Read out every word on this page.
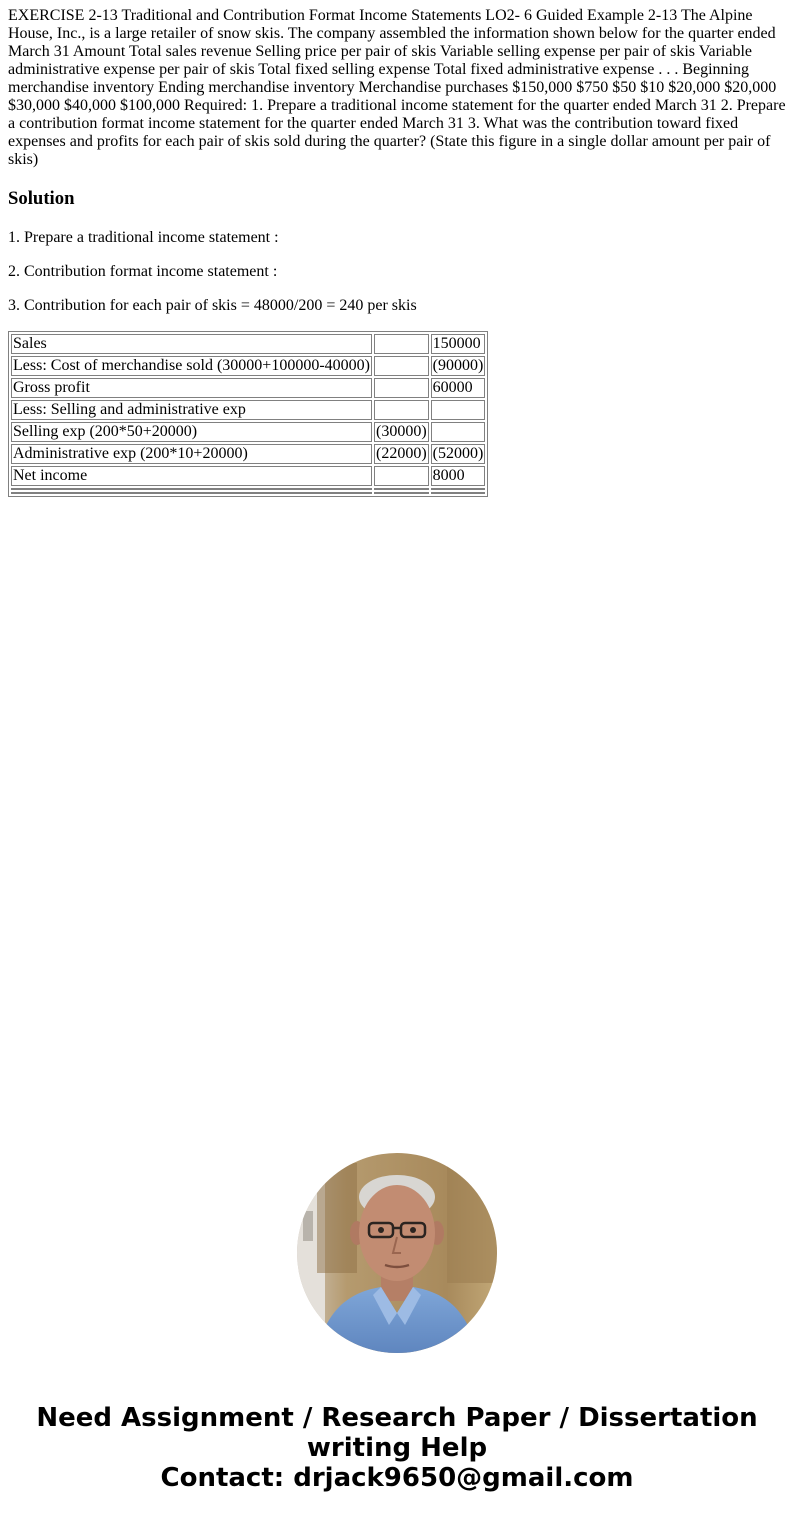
EXERCISE 2-13 Traditional and Contribution Format Income Statements LO2- 6 Guided Example 2-13 The Alpine House, Inc., is a large retailer of snow skis. The company assembled the information shown below for the quarter ended March 31 Amount Total sales revenue Selling price per pair of skis Variable selling expense per pair of skis Variable administrative expense per pair of skis Total fixed selling expense Total fixed administrative expense . . . Beginning merchandise inventory Ending merchandise inventory Merchandise purchases $150,000 $750 $50 $10 $20,000 $20,000 $30,000 $40,000 $100,000 Required: 1. Prepare a traditional income statement for the quarter ended March 31 2. Prepare a contribution format income statement for the quarter ended March 31 3. What was the contribution toward fixed expenses and profits for each pair of skis sold during the quarter? (State this figure in a single dollar amount per pair of skis)

Solution

1. Prepare a traditional income statement :

2. Contribution format income statement :

3. Contribution for each pair of skis = 48000/200 = 240 per skis

Sales		150000
Less: Cost of merchandise sold (30000+100000-40000)		(90000)
Gross profit		60000
Less: Selling and administrative exp		
Selling exp (200*50+20000)	(30000)	
Administrative exp (200*10+20000)	(22000)	(52000)
Net income		8000

Need Assignment / Research Paper / Dissertation
writing Help
Contact: drjack9650@gmail.com
